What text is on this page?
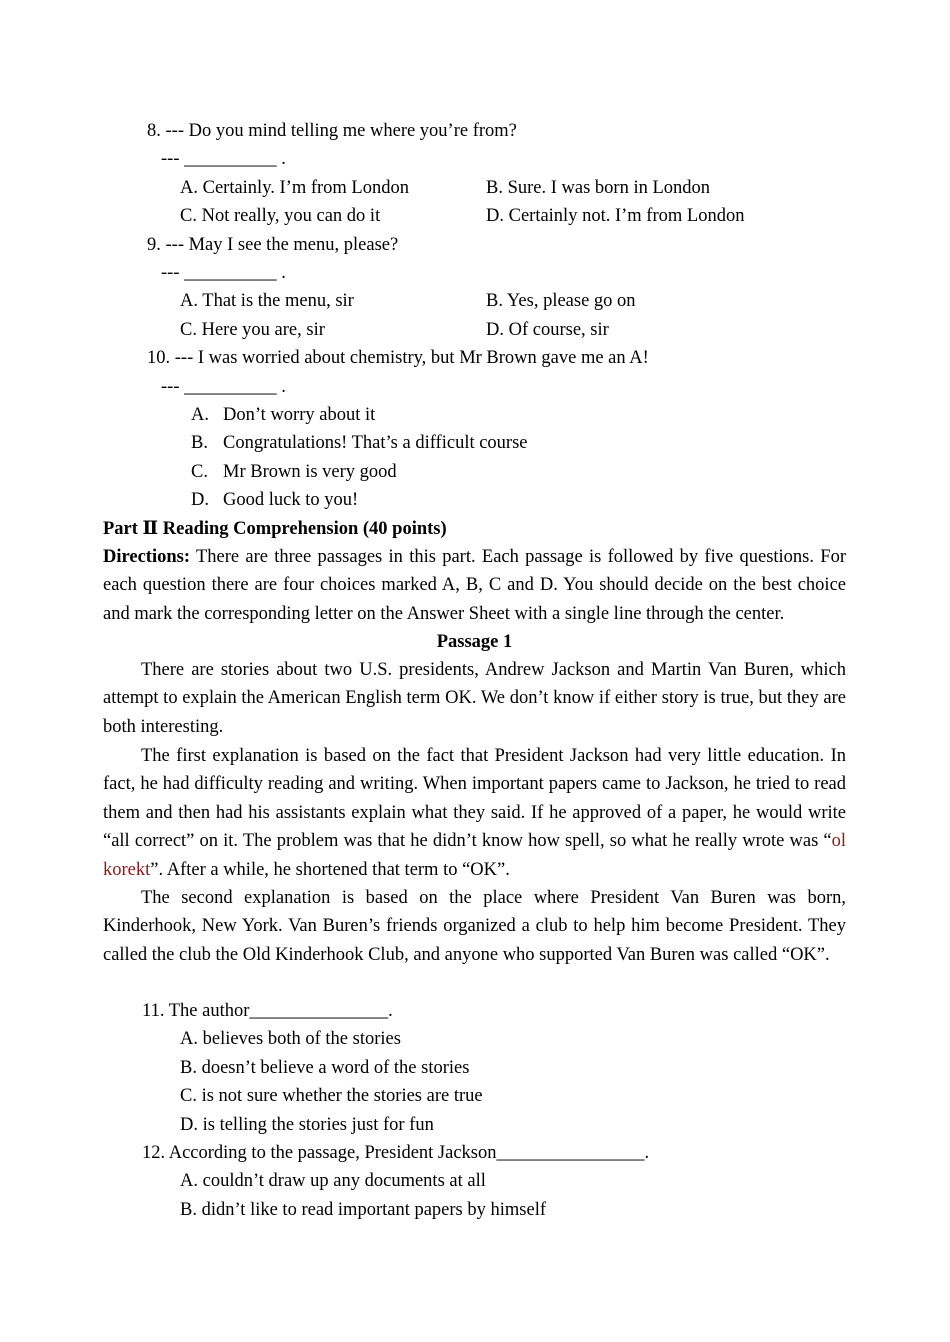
8. --- Do you mind telling me where you’re from?
--- __________ .
A. Certainly. I’m from London	B. Sure. I was born in London
C. Not really, you can do it	D. Certainly not. I’m from London
9. --- May I see the menu, please?
--- __________ .
A. That is the menu, sir	B. Yes, please go on
C. Here you are, sir	D. Of course, sir
10. --- I was worried about chemistry, but Mr Brown gave me an A!
--- __________ .
A. Don’t worry about it
B. Congratulations! That’s a difficult course
C. Mr Brown is very good
D. Good luck to you!
Part Ⅱ Reading Comprehension (40 points)
Directions: There are three passages in this part. Each passage is followed by five questions. For each question there are four choices marked A, B, C and D. You should decide on the best choice and mark the corresponding letter on the Answer Sheet with a single line through the center.
Passage 1
There are stories about two U.S. presidents, Andrew Jackson and Martin Van Buren, which attempt to explain the American English term OK. We don’t know if either story is true, but they are both interesting.
The first explanation is based on the fact that President Jackson had very little education. In fact, he had difficulty reading and writing. When important papers came to Jackson, he tried to read them and then had his assistants explain what they said. If he approved of a paper, he would write “all correct” on it. The problem was that he didn’t know how spell, so what he really wrote was “ol korekt”. After a while, he shortened that term to “OK”.
The second explanation is based on the place where President Van Buren was born, Kinderhook, New York. Van Buren’s friends organized a club to help him become President. They called the club the Old Kinderhook Club, and anyone who supported Van Buren was called “OK”.
11. The author_______________.
A. believes both of the stories
B. doesn’t believe a word of the stories
C. is not sure whether the stories are true
D. is telling the stories just for fun
12. According to the passage, President Jackson________________.
A. couldn’t draw up any documents at all
B. didn’t like to read important papers by himself
